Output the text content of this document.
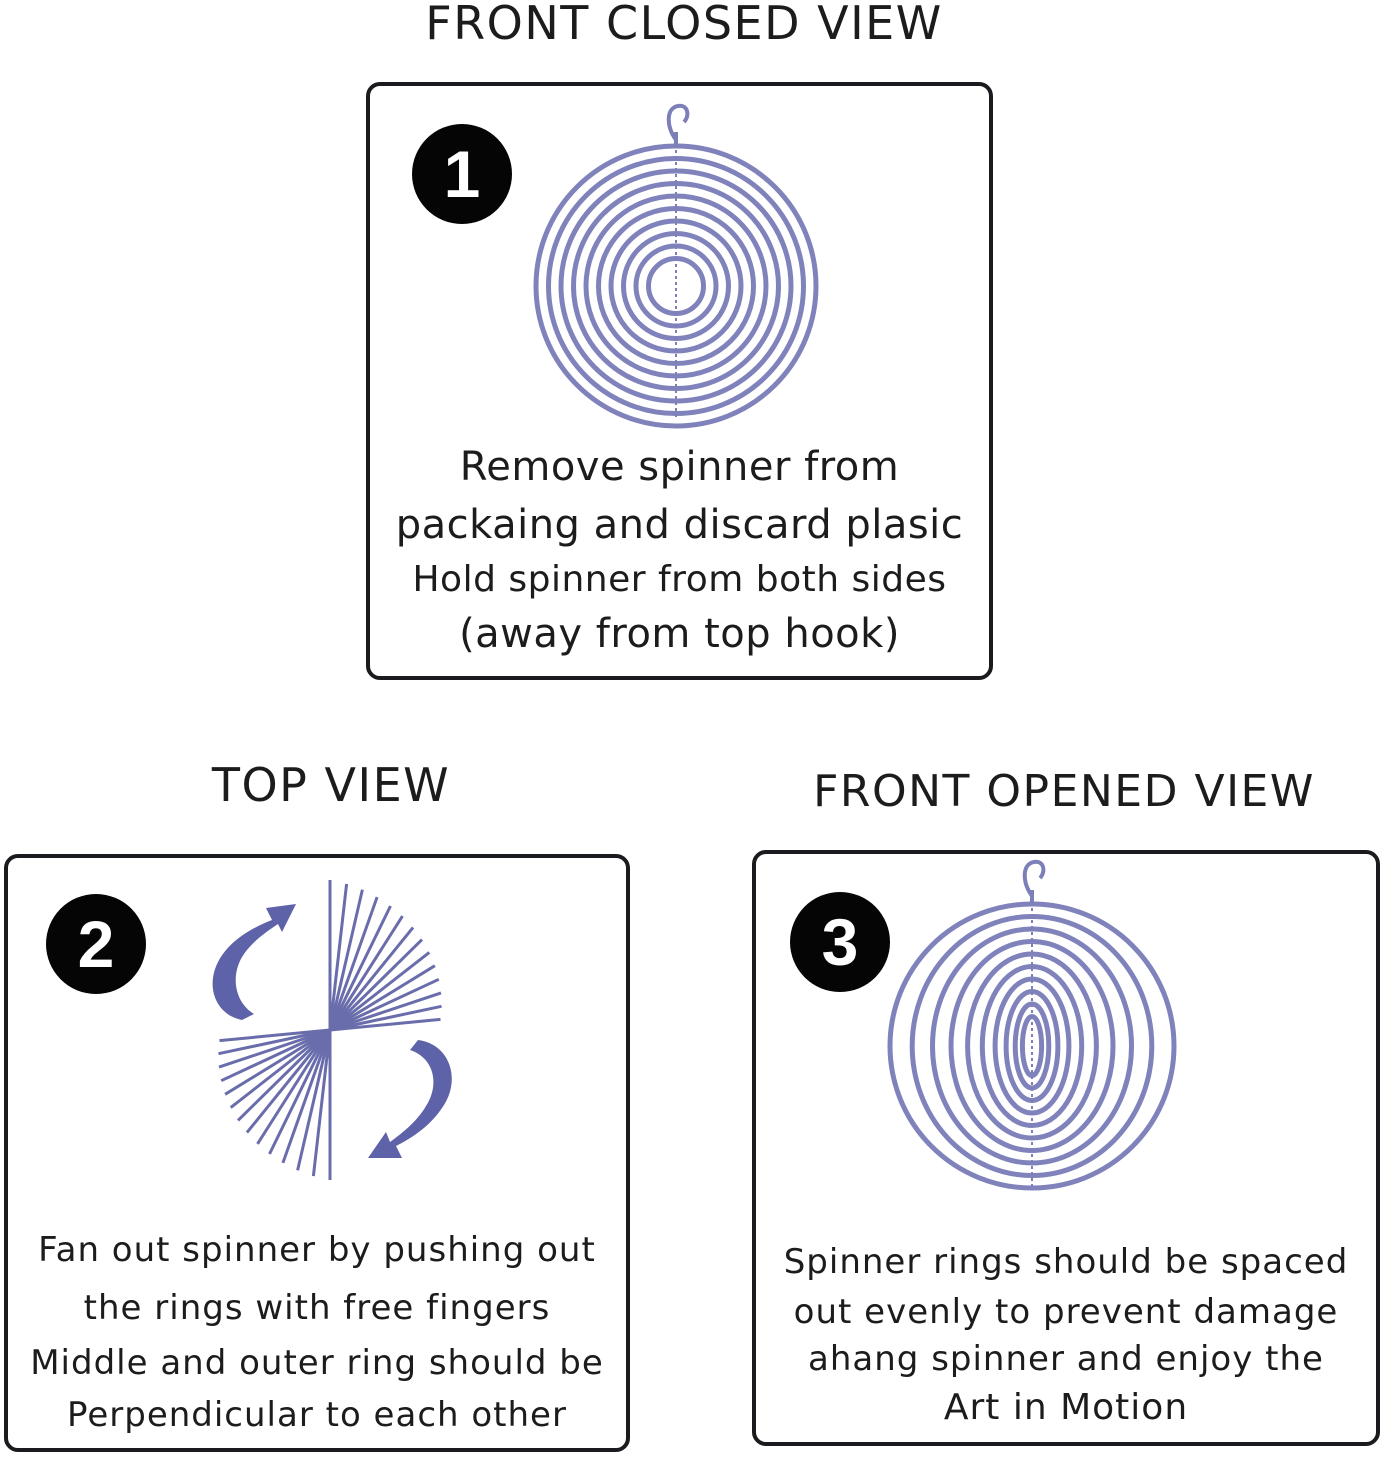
FRONT CLOSED VIEW
1
Remove spinner from
packaing and discard plasic
Hold spinner from both sides
(away from top hook)
TOP VIEW
2
Fan out spinner by pushing out
the rings with free fingers
Middle and outer ring should be
Perpendicular to each other
FRONT OPENED VIEW
3
Spinner rings should be spaced
out evenly to prevent damage
ahang spinner and enjoy the
Art in Motion
